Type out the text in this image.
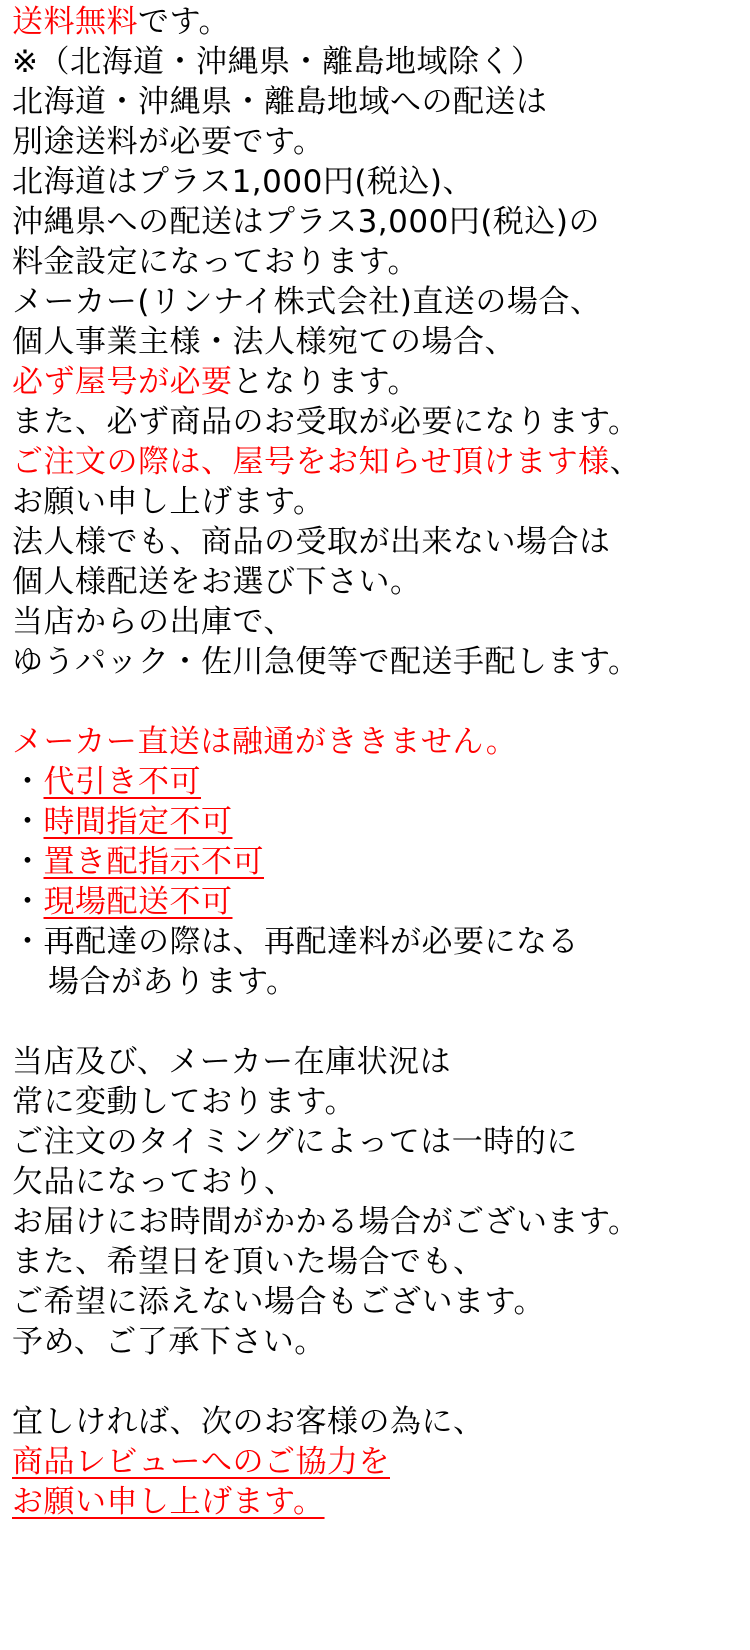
送料無料です。
※（北海道・沖縄県・離島地域除く）
北海道・沖縄県・離島地域への配送は
別途送料が必要です。
北海道はプラス1,000円(税込)、
沖縄県への配送はプラス3,000円(税込)の
料金設定になっております。
メーカー(リンナイ株式会社)直送の場合、
個人事業主様・法人様宛ての場合、
必ず屋号が必要となります。
また、必ず商品のお受取が必要になります。
ご注文の際は、屋号をお知らせ頂けます様、
お願い申し上げます。
法人様でも、商品の受取が出来ない場合は
個人様配送をお選び下さい。
当店からの出庫で、
ゆうパック・佐川急便等で配送手配します。
メーカー直送は融通がききません。
・代引き不可
・時間指定不可
・置き配指示不可
・現場配送不可
・再配達の際は、再配達料が必要になる
場合があります。
当店及び、メーカー在庫状況は
常に変動しております。
ご注文のタイミングによっては一時的に
欠品になっており、
お届けにお時間がかかる場合がございます。
また、希望日を頂いた場合でも、
ご希望に添えない場合もございます。
予め、ご了承下さい。
宜しければ、次のお客様の為に、
商品レビューへのご協力を
お願い申し上げます。
